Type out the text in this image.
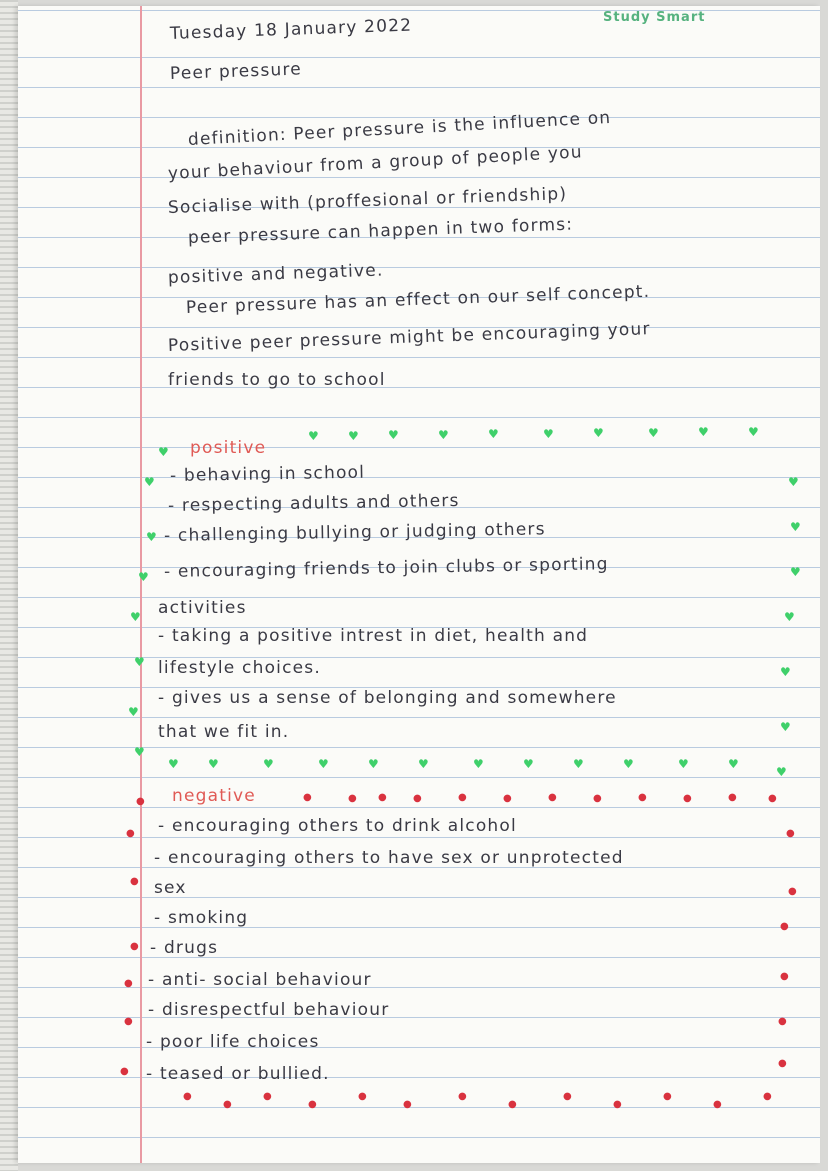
Study Smart

Tuesday 18 January 2022

Peer pressure

definition: Peer pressure is the influence on

your behaviour from a group of people you

Socialise with (proffesional or friendship)

peer pressure can happen in two forms:

positive and negative.

Peer pressure has an effect on our self concept.

Positive peer pressure might be encouraging your

friends to go to school

positive

- behaving in school

- respecting adults and others

- challenging bullying or judging others

- encouraging friends to join clubs or sporting

activities

- taking a positive intrest in diet, health and

lifestyle choices.

- gives us a sense of belonging and somewhere

that we fit in.

negative

- encouraging others to drink alcohol

- encouraging others to have sex or unprotected

sex

- smoking

- drugs

- anti- social behaviour

- disrespectful behaviour

- poor life choices

- teased or bullied.

♥ ♥ ♥	♥	♥	♥	♥	♥	♥	♥
♥
♥
♥
♥
♥
♥
♥
♥
♥
♥
♥
♥
♥
♥
♥
♥ ♥	♥	♥	♥	♥	♥	♥	♥	♥	♥	♥
●	● ●	●	●	●	●	●	●	●	●	●
●
●
●
●
●
●
●
●
●
●
●
●
●
●
●
●
●
●
●
●
●
●
●
●
●
●
